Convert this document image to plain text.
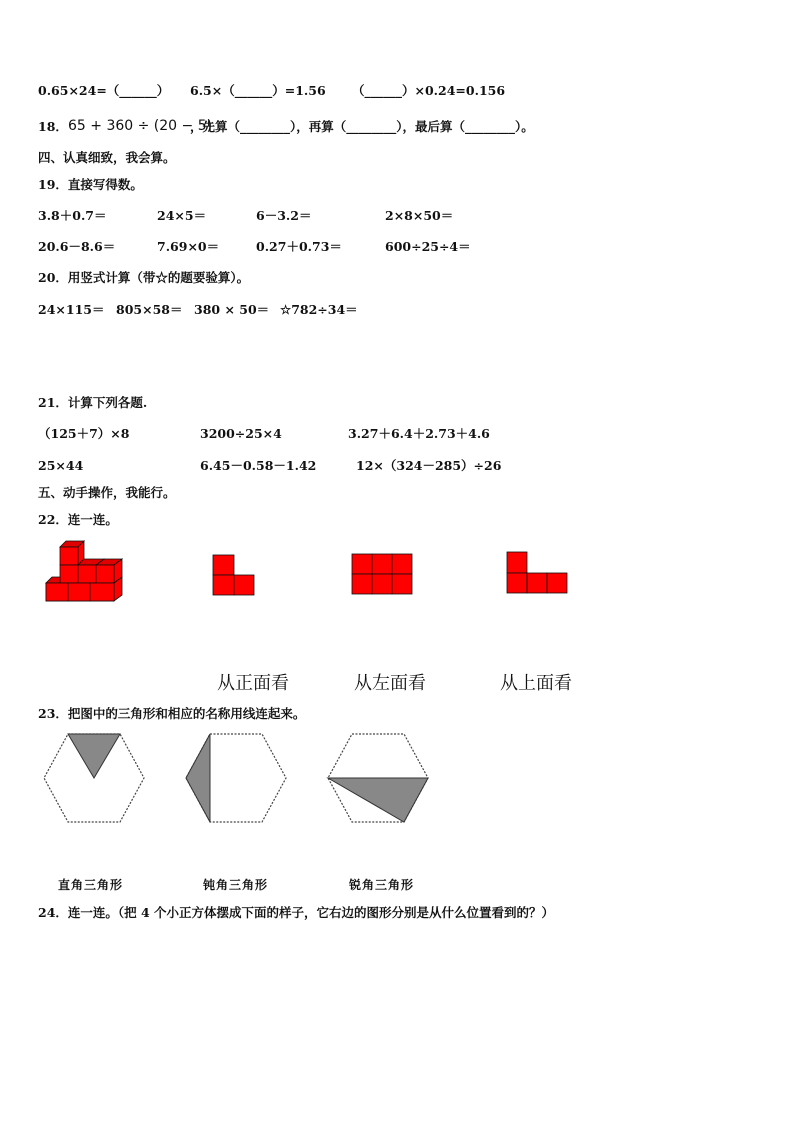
0.65×24=（______） 6.5×（______）=1.56 （______）×0.24=0.156
18． 65 + 360 ÷ (20 − 5)
，先算（________），再算（________），最后算（________）。
四、认真细致，我会算。
19．直接写得数。
3.8＋0.7＝	24×5＝	6－3.2＝	2×8×50＝
20.6－8.6＝	7.69×0＝	0.27＋0.73＝	600÷25÷4＝
20．用竖式计算（带☆的题要验算）。
24×115＝ 805×58＝ 380 × 50＝ ☆782÷34＝
21．计算下列各题.
（125＋7）×8	3200÷25×4	3.27＋6.4＋2.73＋4.6
25×44	6.45－0.58－1.42	12×（324－285）÷26
五、动手操作，我能行。
22．连一连。
从正面看	从左面看	从上面看
23．把图中的三角形和相应的名称用线连起来。
直角三角形	钝角三角形	锐角三角形
24．连一连。（把 4 个小正方体摆成下面的样子，它右边的图形分别是从什么位置看到的？）
